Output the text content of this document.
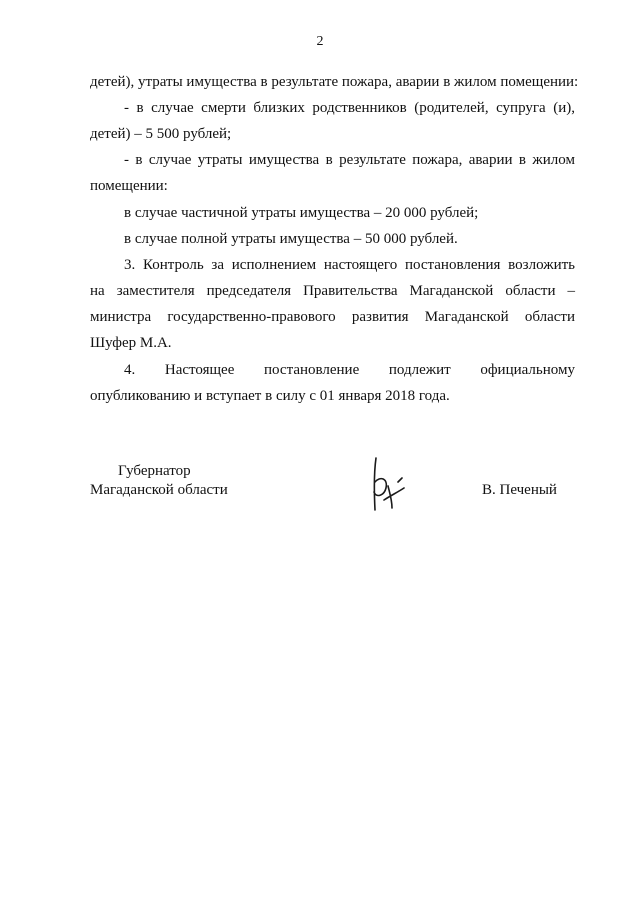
2
детей), утраты имущества в результате пожара, аварии в жилом помещении:
- в случае смерти близких родственников (родителей, супруга (и),
детей) – 5 500 рублей;
- в случае утраты имущества в результате пожара, аварии в жилом
помещении:
в случае частичной утраты имущества – 20 000 рублей;
в случае полной утраты имущества – 50 000 рублей.
3. Контроль за исполнением настоящего постановления возложить
на заместителя председателя Правительства Магаданской области –
министра государственно-правового развития Магаданской области
Шуфер М.А.
4. Настоящее постановление подлежит официальному
опубликованию и вступает в силу с 01 января 2018 года.
Губернатор
Магаданской области	В. Печеный
